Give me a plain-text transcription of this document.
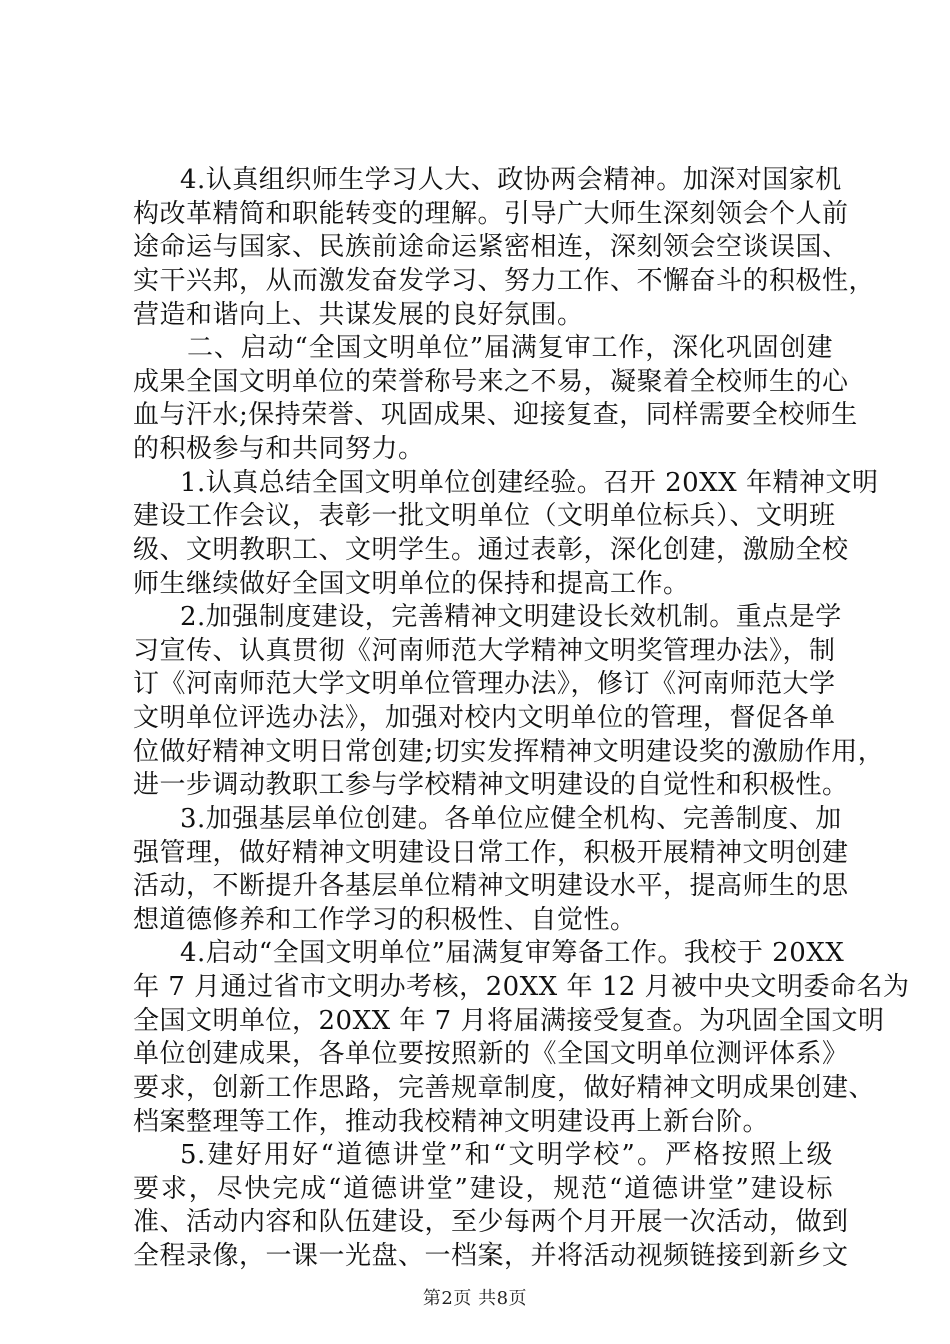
4.认真组织师生学习人大、政协两会精神。加深对国家机
构改革精简和职能转变的理解。引导广大师生深刻领会个人前
途命运与国家、民族前途命运紧密相连，深刻领会空谈误国、
实干兴邦，从而激发奋发学习、努力工作、不懈奋斗的积极性，
营造和谐向上、共谋发展的良好氛围。
二、启动“全国文明单位”届满复审工作，深化巩固创建
成果全国文明单位的荣誉称号来之不易，凝聚着全校师生的心
血与汗水;保持荣誉、巩固成果、迎接复查，同样需要全校师生
的积极参与和共同努力。
1.认真总结全国文明单位创建经验。召开 20XX 年精神文明
建设工作会议，表彰一批文明单位（文明单位标兵）、文明班
级、文明教职工、文明学生。通过表彰，深化创建，激励全校
师生继续做好全国文明单位的保持和提高工作。
2.加强制度建设，完善精神文明建设长效机制。重点是学
习宣传、认真贯彻《河南师范大学精神文明奖管理办法》，制
订《河南师范大学文明单位管理办法》，修订《河南师范大学
文明单位评选办法》，加强对校内文明单位的管理，督促各单
位做好精神文明日常创建;切实发挥精神文明建设奖的激励作用，
进一步调动教职工参与学校精神文明建设的自觉性和积极性。
3.加强基层单位创建。各单位应健全机构、完善制度、加
强管理，做好精神文明建设日常工作，积极开展精神文明创建
活动，不断提升各基层单位精神文明建设水平，提高师生的思
想道德修养和工作学习的积极性、自觉性。
4.启动“全国文明单位”届满复审筹备工作。我校于 20XX
年 7 月通过省市文明办考核，20XX 年 12 月被中央文明委命名为
全国文明单位，20XX 年 7 月将届满接受复查。为巩固全国文明
单位创建成果，各单位要按照新的《全国文明单位测评体系》
要求，创新工作思路，完善规章制度，做好精神文明成果创建、
档案整理等工作，推动我校精神文明建设再上新台阶。
5.建好用好“道德讲堂”和“文明学校”。严格按照上级
要求，尽快完成“道德讲堂”建设，规范“道德讲堂”建设标
准、活动内容和队伍建设，至少每两个月开展一次活动，做到
全程录像，一课一光盘、一档案，并将活动视频链接到新乡文
第2页 共8页
